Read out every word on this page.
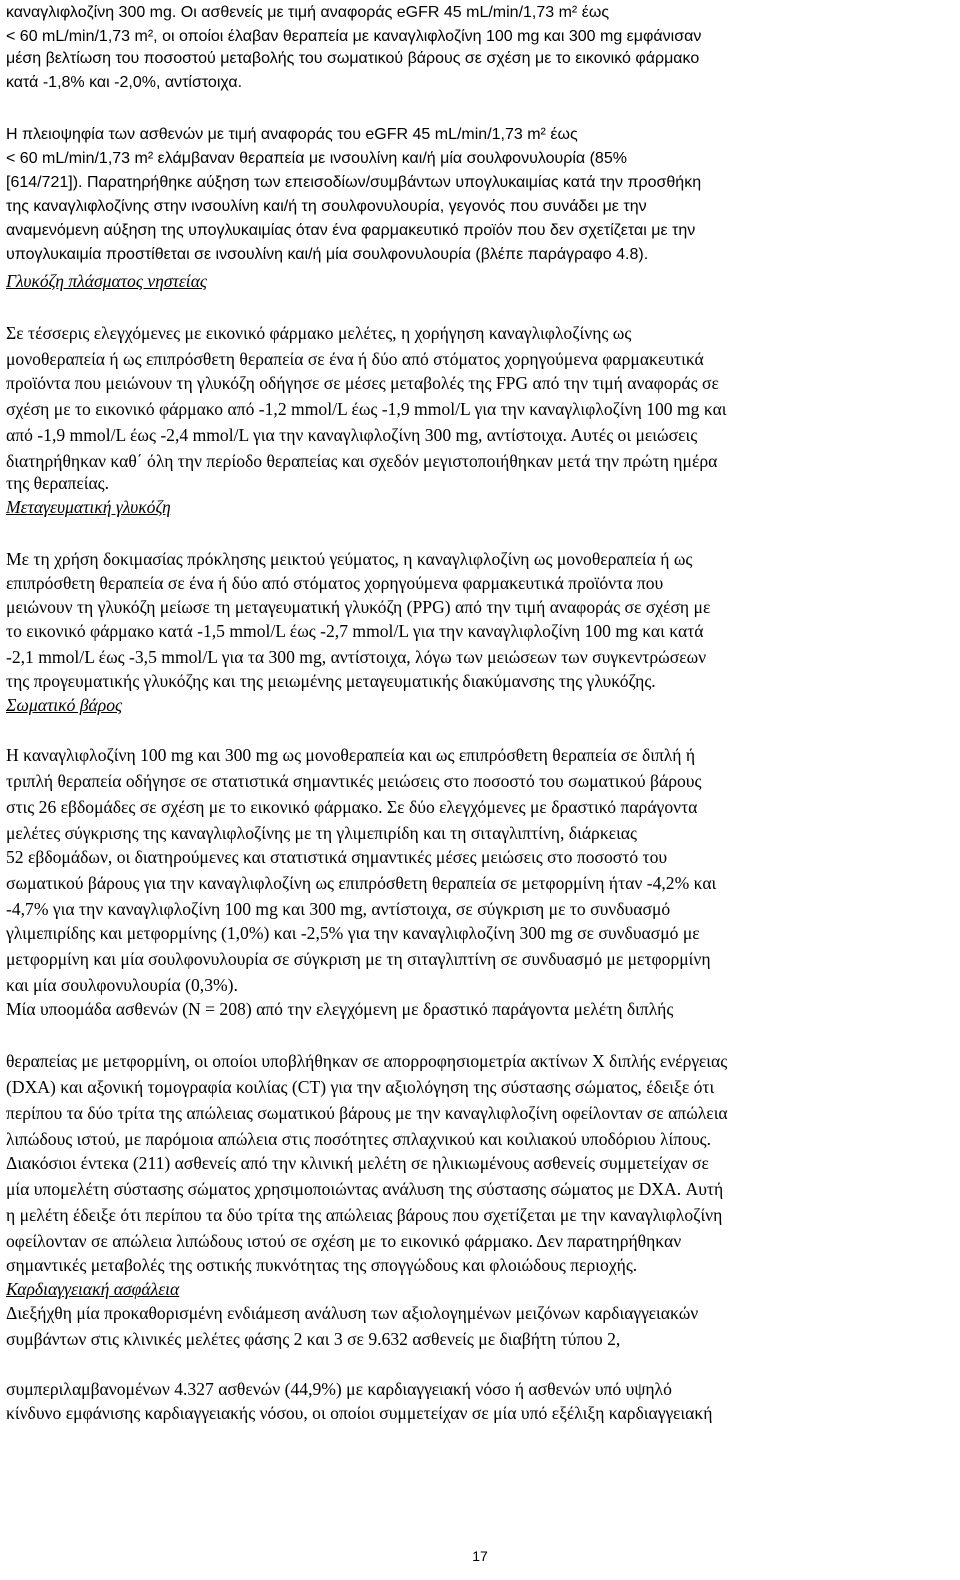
καναγλιφλοζίνη 300 mg. Οι ασθενείς με τιμή αναφοράς eGFR 45 mL/min/1,73 m² έως
< 60 mL/min/1,73 m², οι οποίοι έλαβαν θεραπεία με καναγλιφλοζίνη 100 mg και 300 mg εμφάνισαν
μέση βελτίωση του ποσοστού μεταβολής του σωματικού βάρους σε σχέση με το εικονικό φάρμακο
κατά -1,8% και -2,0%, αντίστοιχα.
Η πλειοψηφία των ασθενών με τιμή αναφοράς του eGFR 45 mL/min/1,73 m² έως
< 60 mL/min/1,73 m² ελάμβαναν θεραπεία με ινσουλίνη και/ή μία σουλφονυλουρία (85%
[614/721]). Παρατηρήθηκε αύξηση των επεισοδίων/συμβάντων υπογλυκαιμίας κατά την προσθήκη
της καναγλιφλοζίνης στην ινσουλίνη και/ή τη σουλφονυλουρία, γεγονός που συνάδει με την
αναμενόμενη αύξηση της υπογλυκαιμίας όταν ένα φαρμακευτικό προϊόν που δεν σχετίζεται με την
υπογλυκαιμία προστίθεται σε ινσουλίνη και/ή μία σουλφονυλουρία (βλέπε παράγραφο 4.8).
Γλυκόζη πλάσματος νηστείας
Σε τέσσερις ελεγχόμενες με εικονικό φάρμακο μελέτες, η χορήγηση καναγλιφλοζίνης ως
μονοθεραπεία ή ως επιπρόσθετη θεραπεία σε ένα ή δύο από στόματος χορηγούμενα φαρμακευτικά
προϊόντα που μειώνουν τη γλυκόζη οδήγησε σε μέσες μεταβολές της FPG από την τιμή αναφοράς σε
σχέση με το εικονικό φάρμακο από -1,2 mmol/L έως -1,9 mmol/L για την καναγλιφλοζίνη 100 mg και
από -1,9 mmol/L έως -2,4 mmol/L για την καναγλιφλοζίνη 300 mg, αντίστοιχα. Αυτές οι μειώσεις
διατηρήθηκαν καθ΄ όλη την περίοδο θεραπείας και σχεδόν μεγιστοποιήθηκαν μετά την πρώτη ημέρα
της θεραπείας.
Μεταγευματική γλυκόζη
Με τη χρήση δοκιμασίας πρόκλησης μεικτού γεύματος, η καναγλιφλοζίνη ως μονοθεραπεία ή ως
επιπρόσθετη θεραπεία σε ένα ή δύο από στόματος χορηγούμενα φαρμακευτικά προϊόντα που
μειώνουν τη γλυκόζη μείωσε τη μεταγευματική γλυκόζη (PPG) από την τιμή αναφοράς σε σχέση με
το εικονικό φάρμακο κατά -1,5 mmol/L έως -2,7 mmol/L για την καναγλιφλοζίνη 100 mg και κατά
-2,1 mmol/L έως -3,5 mmol/L για τα 300 mg, αντίστοιχα, λόγω των μειώσεων των συγκεντρώσεων
της προγευματικής γλυκόζης και της μειωμένης μεταγευματικής διακύμανσης της γλυκόζης.
Σωματικό βάρος
Η καναγλιφλοζίνη 100 mg και 300 mg ως μονοθεραπεία και ως επιπρόσθετη θεραπεία σε διπλή ή
τριπλή θεραπεία οδήγησε σε στατιστικά σημαντικές μειώσεις στο ποσοστό του σωματικού βάρους
στις 26 εβδομάδες σε σχέση με το εικονικό φάρμακο. Σε δύο ελεγχόμενες με δραστικό παράγοντα
μελέτες σύγκρισης της καναγλιφλοζίνης με τη γλιμεπιρίδη και τη σιταγλιπτίνη, διάρκειας
52 εβδομάδων, οι διατηρούμενες και στατιστικά σημαντικές μέσες μειώσεις στο ποσοστό του
σωματικού βάρους για την καναγλιφλοζίνη ως επιπρόσθετη θεραπεία σε μετφορμίνη ήταν -4,2% και
-4,7% για την καναγλιφλοζίνη 100 mg και 300 mg, αντίστοιχα, σε σύγκριση με το συνδυασμό
γλιμεπιρίδης και μετφορμίνης (1,0%) και -2,5% για την καναγλιφλοζίνη 300 mg σε συνδυασμό με
μετφορμίνη και μία σουλφονυλουρία σε σύγκριση με τη σιταγλιπτίνη σε συνδυασμό με μετφορμίνη
και μία σουλφονυλουρία (0,3%).
Μία υποομάδα ασθενών (N = 208) από την ελεγχόμενη με δραστικό παράγοντα μελέτη διπλής
θεραπείας με μετφορμίνη, οι οποίοι υποβλήθηκαν σε απορροφησιομετρία ακτίνων X διπλής ενέργειας
(DXA) και αξονική τομογραφία κοιλίας (CT) για την αξιολόγηση της σύστασης σώματος, έδειξε ότι
περίπου τα δύο τρίτα της απώλειας σωματικού βάρους με την καναγλιφλοζίνη οφείλονταν σε απώλεια
λιπώδους ιστού, με παρόμοια απώλεια στις ποσότητες σπλαχνικού και κοιλιακού υποδόριου λίπους.
Διακόσιοι έντεκα (211) ασθενείς από την κλινική μελέτη σε ηλικιωμένους ασθενείς συμμετείχαν σε
μία υπομελέτη σύστασης σώματος χρησιμοποιώντας ανάλυση της σύστασης σώματος με DXA. Αυτή
η μελέτη έδειξε ότι περίπου τα δύο τρίτα της απώλειας βάρους που σχετίζεται με την καναγλιφλοζίνη
οφείλονταν σε απώλεια λιπώδους ιστού σε σχέση με το εικονικό φάρμακο. Δεν παρατηρήθηκαν
σημαντικές μεταβολές της οστικής πυκνότητας της σπογγώδους και φλοιώδους περιοχής.
Καρδιαγγειακή ασφάλεια
Διεξήχθη μία προκαθορισμένη ενδιάμεση ανάλυση των αξιολογημένων μειζόνων καρδιαγγειακών
συμβάντων στις κλινικές μελέτες φάσης 2 και 3 σε 9.632 ασθενείς με διαβήτη τύπου 2,
συμπεριλαμβανομένων 4.327 ασθενών (44,9%) με καρδιαγγειακή νόσο ή ασθενών υπό υψηλό
κίνδυνο εμφάνισης καρδιαγγειακής νόσου, οι οποίοι συμμετείχαν σε μία υπό εξέλιξη καρδιαγγειακή
17
